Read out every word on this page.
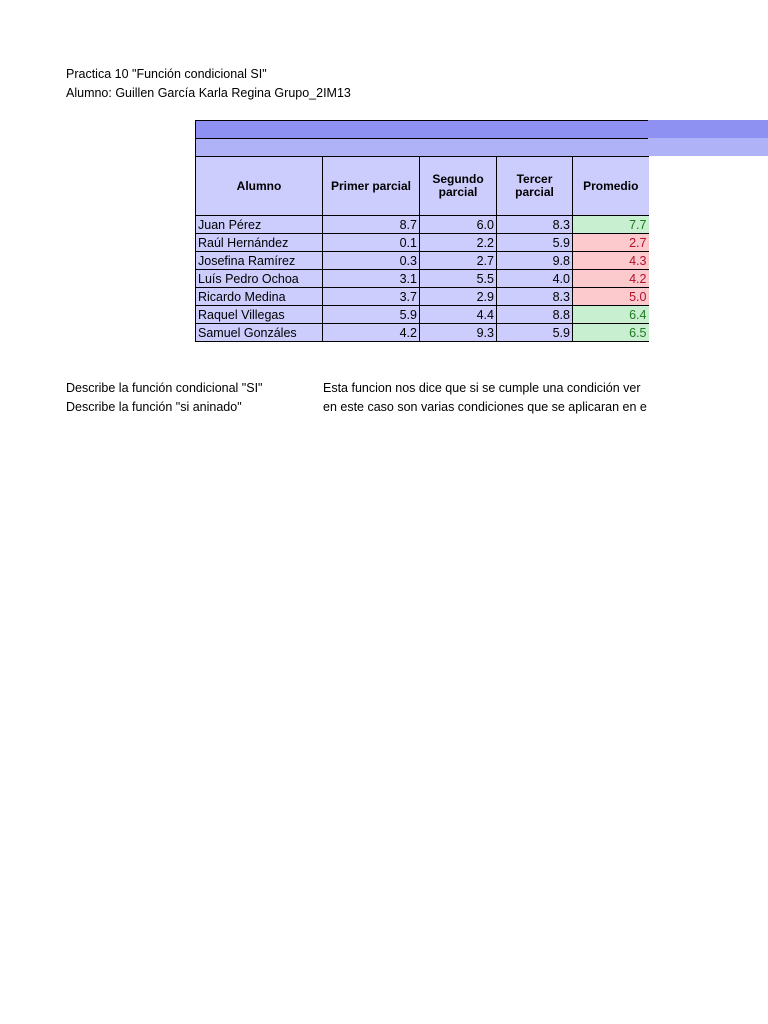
Practica 10 "Función condicional SI"
Alumno: Guillen García Karla Regina Grupo_2IM13
Alumno	Primer parcial	Segundo parcial	Tercer parcial	Promedio
Juan Pérez	8.7	6.0	8.3	7.7
Raúl Hernández	0.1	2.2	5.9	2.7
Josefina Ramírez	0.3	2.7	9.8	4.3
Luís Pedro Ochoa	3.1	5.5	4.0	4.2
Ricardo Medina	3.7	2.9	8.3	5.0
Raquel Villegas	5.9	4.4	8.8	6.4
Samuel Gonzáles	4.2	9.3	5.9	6.5
Describe la función condicional "SI"	Esta funcion nos dice que si se cumple una condición ver
Describe la función "si aninado"	en este caso son varias condiciones que se aplicaran en e
